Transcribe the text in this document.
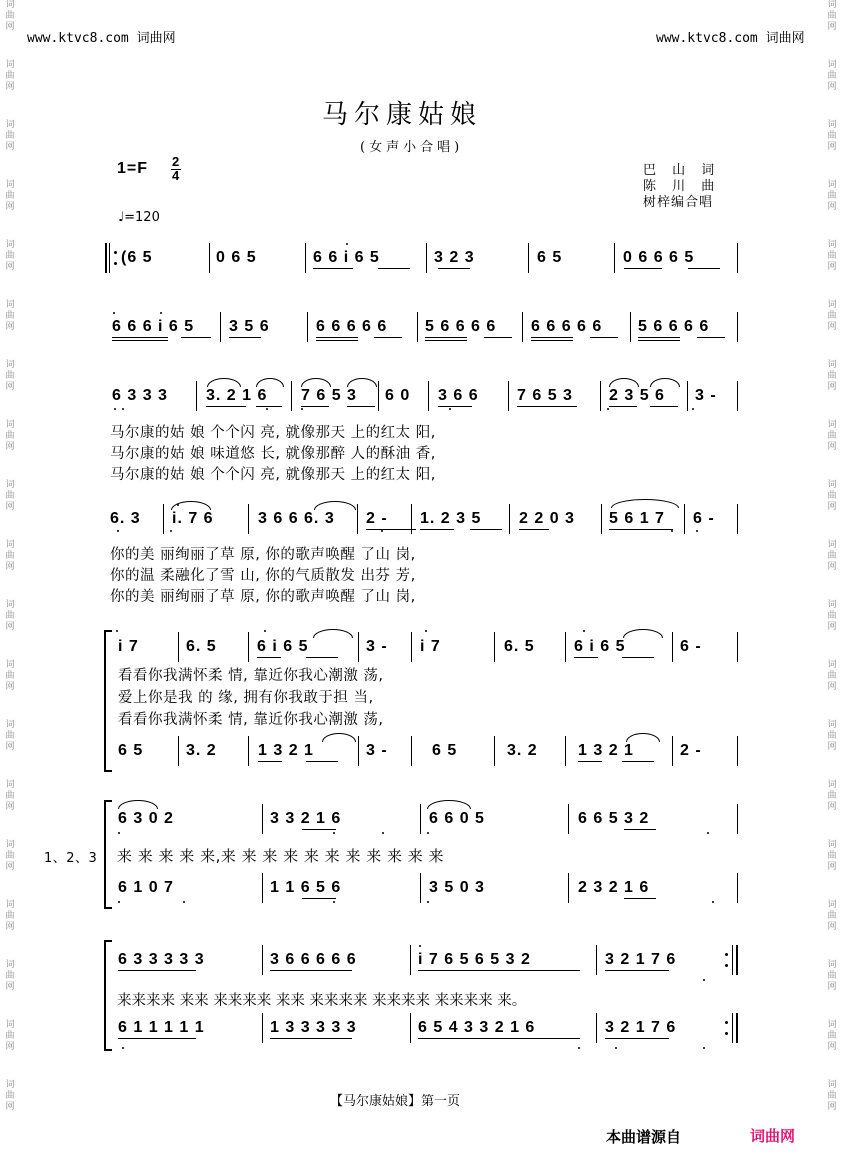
词
曲
网
词
曲
网
词
曲
网
词
曲
网
词
曲
网
词
曲
网
词
曲
网
词
曲
网
词
曲
网
词
曲
网
词
曲
网
词
曲
网
词
曲
网
词
曲
网
词
曲
网
词
曲
网
词
曲
网
词
曲
网
词
曲
网
词
曲
网
词
曲
网
词
曲
网
词
曲
网
词
曲
网
词
曲
网
词
曲
网
词
曲
网
词
曲
网
词
曲
网
词
曲
网
词
曲
网
词
曲
网
词
曲
网
词
曲
网
词
曲
网
词
曲
网
词
曲
网
词
曲
网
www.ktvc8.com 词曲网	www.ktvc8.com 词曲网
马尔康姑娘
(女声小合唱)
1=F 2
4
♩=120
巴 山 词
陈 川 曲
树梓编合唱
(6 5	0 6 5	6 6 i 6 5	3 2 3	6 5	0 6 6 6 5
6 6 6 i 6 5 3 5 6	6 6 6 6 6 5 6 6 6 6 6 6 6 6 6 5 6 6 6 6
6 3 3 3 3. 2 1 6 7 6 5 3 6 0 3 6 6 7 6 5 3 2 3 5 6 3 -
马尔康的姑 娘 个个闪 亮, 就像那天 上的红太 阳,
马尔康的姑 娘 味道悠 长, 就像那醉 人的酥油 香,
马尔康的姑 娘 个个闪 亮, 就像那天 上的红太 阳,
6. 3 i. 7 6	3 6 6 6. 3 2 - 1. 2 3 5 2 2 0 3 5 6 1 7 6 -
你的美 丽绚丽了草 原, 你的歌声唤醒 了山 岗,
你的温 柔融化了雪 山, 你的气质散发 出芬 芳,
你的美 丽绚丽了草 原, 你的歌声唤醒 了山 岗,
i 7	6. 5	6 i 6 5	3 - i 7	6. 5 6 i 6 5	6 -
看看你我满怀柔 情, 靠近你我心潮激 荡,
爱上你是我 的 缘, 拥有你我敢于担 当,
看看你我满怀柔 情, 靠近你我心潮激 荡,
6 5	3. 2	1 3 2 1	3 -	6 5	3. 2	1 3 2 1	2 -
1、2、3
6 3 0 2	3 3 2 1 6	6 6 0 5	6 6 5 3 2
来 来 来 来 来,来 来 来 来 来 来 来 来 来 来 来
6 1 0 7	1 1 6 5 6	3 5 0 3	2 3 2 1 6
6 3 3 3 3 3	3 6 6 6 6 6	i 7 6 5 6 5 3 2	3 2 1 7 6
来来来来 来来 来来来来 来来 来来来来 来来来来 来来来来 来。
6 1 1 1 1 1	1 3 3 3 3 3	6 5 4 3 3 2 1 6	3 2 1 7 6
【马尔康姑娘】第一页
本曲谱源自	词曲网
